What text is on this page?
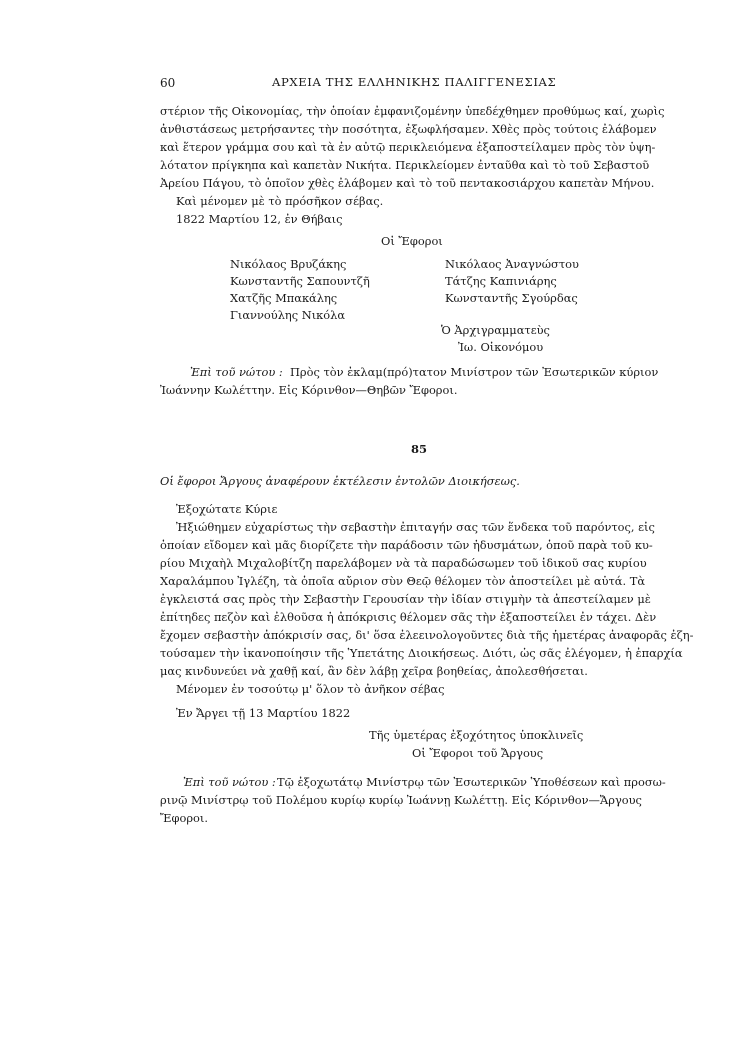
60	ΑΡΧΕΙΑ ΤΗΣ ΕΛΛΗΝΙΚΗΣ ΠΑΛΙΓΓΕΝΕΣΙΑΣ
στέριον τῆς Οἰκονομίας, τὴν ὁποίαν ἐμφανιζομένην ὑπεδέχθημεν προθύμως καί, χωρὶς
ἀνθιστάσεως μετρήσαντες τὴν ποσότητα, ἐξωφλήσαμεν. Χθὲς πρὸς τούτοις ἐλάβομεν
καὶ ἕτερον γράμμα σου καὶ τὰ ἐν αὐτῷ περικλειόμενα ἐξαποστείλαμεν πρὸς τὸν ὑψη-
λότατον πρίγκηπα καὶ καπετὰν Νικήτα. Περικλείομεν ἐνταῦθα καὶ τὸ τοῦ Σεβαστοῦ
Ἀρείου Πάγου, τὸ ὁποῖον χθὲς ἐλάβομεν καὶ τὸ τοῦ πεντακοσιάρχου καπετὰν Μήνου.
Καὶ μένομεν μὲ τὸ πρόσῆκον σέβας.
1822 Μαρτίου 12, ἐν Θήβαις
Οἱ Ἔφοροι
Νικόλαος Βρυζάκης
Κωνσταντῆς Σαπουντζῆ
Χατζῆς Μπακάλης
Γιαννούλης Νικόλα
Νικόλαος Ἀναγνώστου
Τάτζης Καπινιάρης
Κωνσταντῆς Σγούρδας
Ὁ Ἀρχιγραμματεὺς
Ἰω. Οἰκονόμου
Ἐπὶ τοῦ νώτου : Πρὸς τὸν ἐκλαμ(πρό)τατον Μινίστρον τῶν Ἐσωτερικῶν κύριον
Ἰωάννην Κωλέττην. Εἰς Κόρινθον—Θηβῶν Ἔφοροι.
85
Οἱ ἔφοροι Ἄργους ἀναφέρουν ἐκτέλεσιν ἐντολῶν Διοικήσεως.
Ἐξοχώτατε Κύριε
Ἠξιώθημεν εὐχαρίστως τὴν σεβαστὴν ἐπιταγήν σας τῶν ἕνδεκα τοῦ παρόντος, εἰς
ὁποίαν εἴδομεν καὶ μᾶς διορίζετε τὴν παράδοσιν τῶν ἡδυσμάτων, ὁποῦ παρὰ τοῦ κυ-
ρίου Μιχαὴλ Μιχαλοβίτζη παρελάβομεν νὰ τὰ παραδώσωμεν τοῦ ἰδικοῦ σας κυρίου
Χαραλάμπου Ἰγλέζη, τὰ ὁποῖα αὔριον σὺν Θεῷ θέλομεν τὸν ἀποστείλει μὲ αὐτά. Τὰ
ἐγκλειστά σας πρὸς τὴν Σεβαστὴν Γερουσίαν τὴν ἰδίαν στιγμὴν τὰ ἀπεστείλαμεν μὲ
ἐπίτηδες πεζὸν καὶ ἐλθοῦσα ἡ ἀπόκρισις θέλομεν σᾶς τὴν ἐξαποστείλει ἐν τάχει. Δὲν
ἔχομεν σεβαστὴν ἀπόκρισίν σας, δι' ὅσα ἐλεεινολογοῦντες διὰ τῆς ἡμετέρας ἀναφορᾶς ἐζη-
τούσαμεν τὴν ἱκανοποίησιν τῆς Ὑπετάτης Διοικήσεως. Διότι, ὡς σᾶς ἐλέγομεν, ἡ ἐπαρχία
μας κινδυνεύει νὰ χαθῇ καί, ἂν δὲν λάβῃ χεῖρα βοηθείας, ἀπολεσθήσεται.
Μένομεν ἐν τοσούτῳ μ' ὅλον τὸ ἀνῆκον σέβας
Ἐν Ἄργει τῇ 13 Μαρτίου 1822
Τῆς ὑμετέρας ἐξοχότητος ὑποκλινεῖς
Οἱ Ἔφοροι τοῦ Ἄργους
Ἐπὶ τοῦ νώτου : Τῷ ἐξοχωτάτῳ Μινίστρῳ τῶν Ἐσωτερικῶν Ὑποθέσεων καὶ προσω-
ρινῷ Μινίστρῳ τοῦ Πολέμου κυρίῳ κυρίῳ Ἰωάννῃ Κωλέττῃ. Εἰς Κόρινθον—Ἄργους
Ἔφοροι.
